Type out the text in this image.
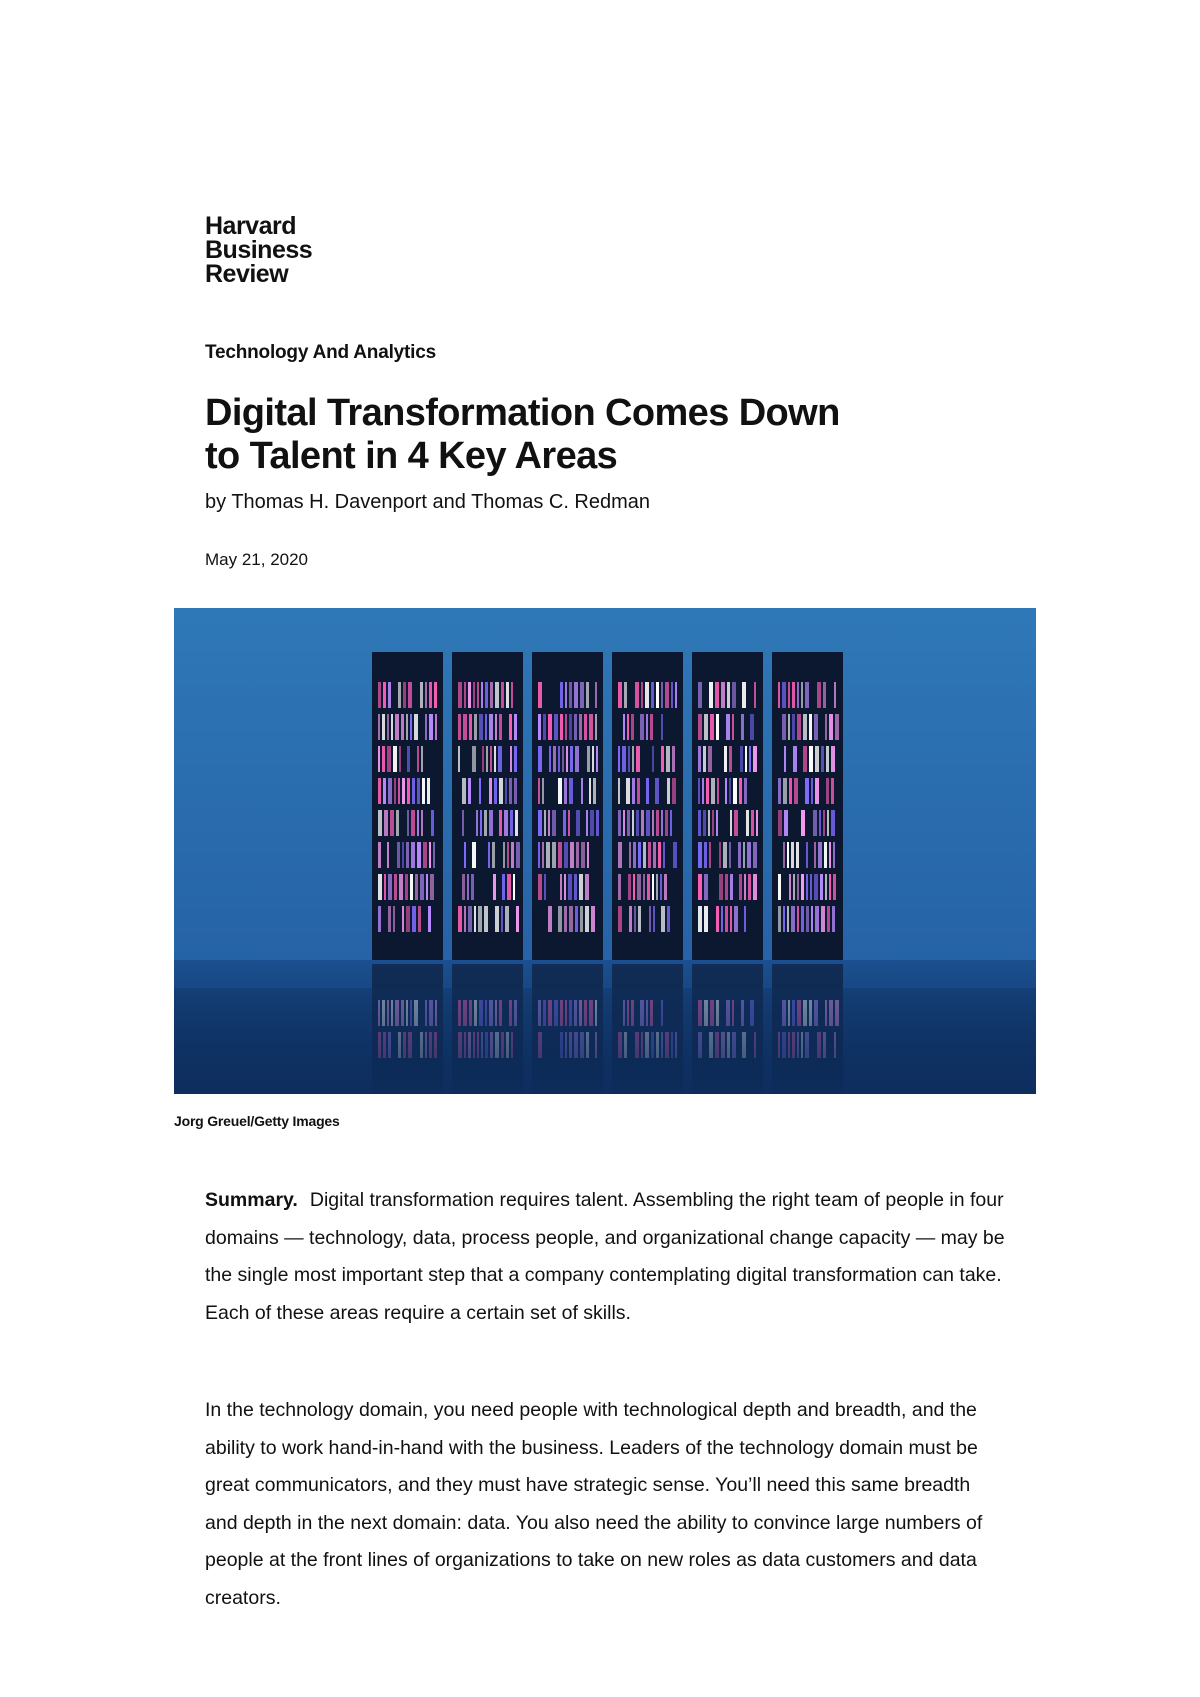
Harvard
Business
Review
Technology And Analytics
Digital Transformation Comes Down to Talent in 4 Key Areas
by Thomas H. Davenport and Thomas C. Redman
May 21, 2020
Jorg Greuel/Getty Images

Summary. Digital transformation requires talent. Assembling the right team of people in four domains — technology, data, process people, and organizational change capacity — may be the single most important step that a company contemplating digital transformation can take. Each of these areas require a certain set of skills.

In the technology domain, you need people with technological depth and breadth, and the ability to work hand-in-hand with the business. Leaders of the technology domain must be great communicators, and they must have strategic sense. You’ll need this same breadth and depth in the next domain: data. You also need the ability to convince large numbers of people at the front lines of organizations to take on new roles as data customers and data creators.
